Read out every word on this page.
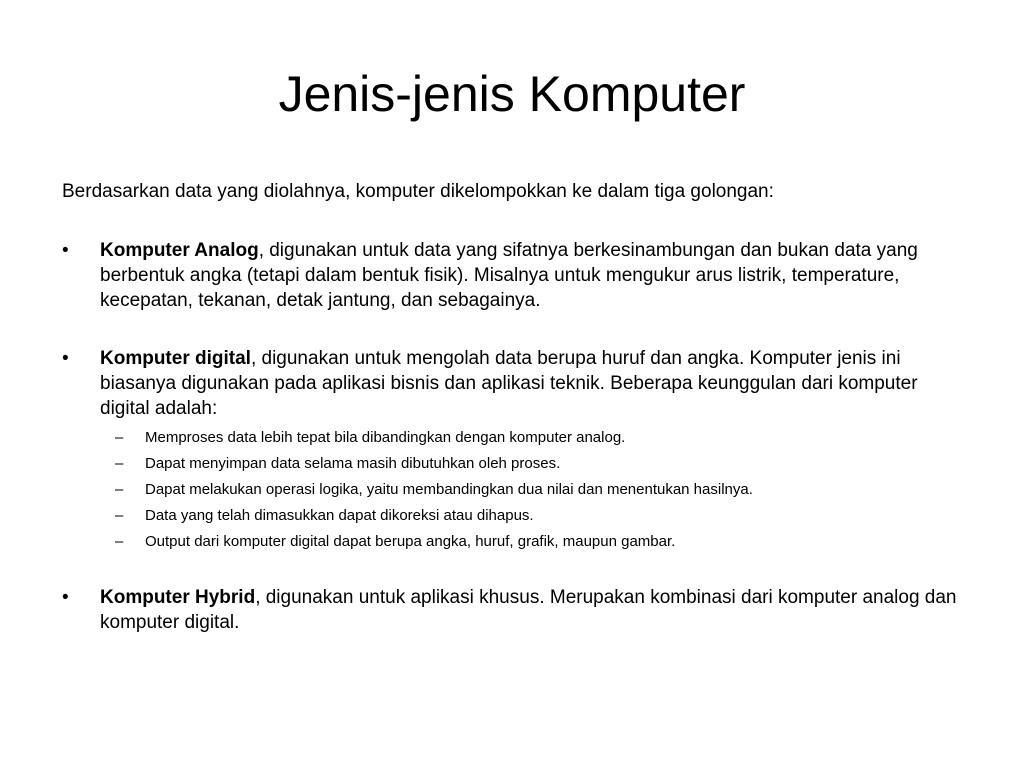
Jenis-jenis Komputer

Berdasarkan data yang diolahnya, komputer dikelompokkan ke dalam tiga golongan:

•	Komputer Analog, digunakan untuk data yang sifatnya berkesinambungan dan bukan data yang berbentuk angka (tetapi dalam bentuk fisik). Misalnya untuk mengukur arus listrik, temperature, kecepatan, tekanan, detak jantung, dan sebagainya.
•	Komputer digital, digunakan untuk mengolah data berupa huruf dan angka. Komputer jenis ini biasanya digunakan pada aplikasi bisnis dan aplikasi teknik. Beberapa keunggulan dari komputer digital adalah:
– Memproses data lebih tepat bila dibandingkan dengan komputer analog.
– Dapat menyimpan data selama masih dibutuhkan oleh proses.
– Dapat melakukan operasi logika, yaitu membandingkan dua nilai dan menentukan hasilnya.
– Data yang telah dimasukkan dapat dikoreksi atau dihapus.
– Output dari komputer digital dapat berupa angka, huruf, grafik, maupun gambar.
•	Komputer Hybrid, digunakan untuk aplikasi khusus. Merupakan kombinasi dari komputer analog dan komputer digital.
